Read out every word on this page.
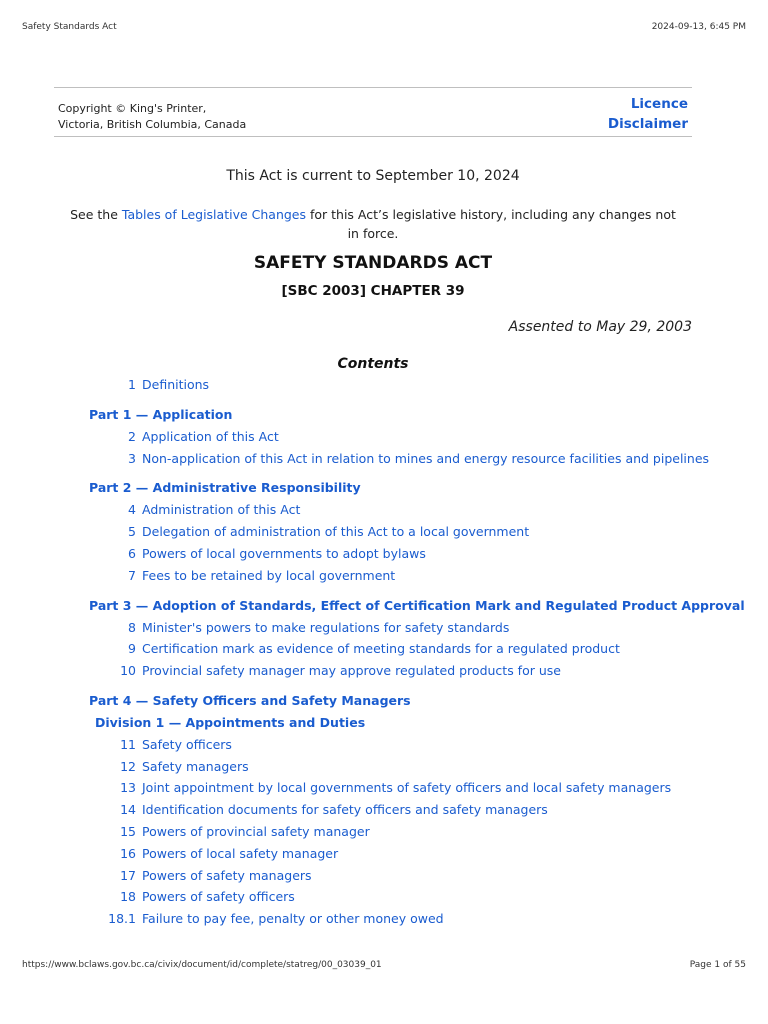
Safety Standards Act	2024-09-13, 6:45 PM
Copyright © King's Printer,
Victoria, British Columbia, Canada
Licence
Disclaimer
This Act is current to September 10, 2024
See the Tables of Legislative Changes for this Act’s legislative history, including any changes not in force.
SAFETY STANDARDS ACT
[SBC 2003] CHAPTER 39
Assented to May 29, 2003
Contents
1 Definitions
Part 1 — Application
2 Application of this Act
3 Non-application of this Act in relation to mines and energy resource facilities and pipelines
Part 2 — Administrative Responsibility
4 Administration of this Act
5 Delegation of administration of this Act to a local government
6 Powers of local governments to adopt bylaws
7 Fees to be retained by local government
Part 3 — Adoption of Standards, Effect of Certification Mark and Regulated Product Approval
8 Minister's powers to make regulations for safety standards
9 Certification mark as evidence of meeting standards for a regulated product
10 Provincial safety manager may approve regulated products for use
Part 4 — Safety Officers and Safety Managers
Division 1 — Appointments and Duties
11 Safety officers
12 Safety managers
13 Joint appointment by local governments of safety officers and local safety managers
14 Identification documents for safety officers and safety managers
15 Powers of provincial safety manager
16 Powers of local safety manager
17 Powers of safety managers
18 Powers of safety officers
18.1 Failure to pay fee, penalty or other money owed
https://www.bclaws.gov.bc.ca/civix/document/id/complete/statreg/00_03039_01	Page 1 of 55
